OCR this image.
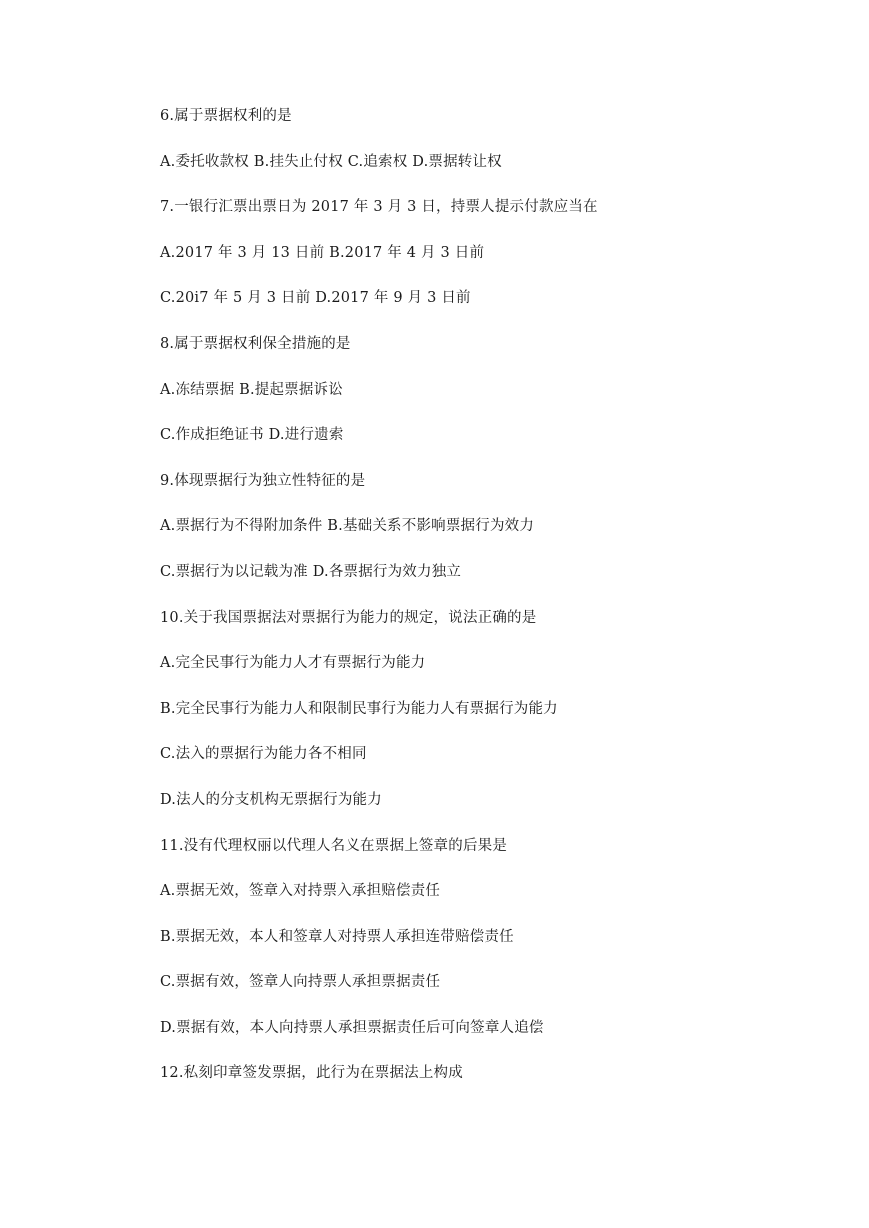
6.属于票据权利的是
A.委托收款权 B.挂失止付权 C.追索权 D.票据转让权
7.一银行汇票出票日为 2017 年 3 月 3 日，持票人提示付款应当在
A.2017 年 3 月 13 日前 B.2017 年 4 月 3 日前
C.20i7 年 5 月 3 日前 D.2017 年 9 月 3 日前
8.属于票据权利保全措施的是
A.冻结票据 B.提起票据诉讼
C.作成拒绝证书 D.进行遗索
9.体现票据行为独立性特征的是
A.票据行为不得附加条件 B.基础关系不影响票据行为效力
C.票据行为以记载为准 D.各票据行为效力独立
10.关于我国票据法对票据行为能力的规定，说法正确的是
A.完全民事行为能力人才有票据行为能力
B.完全民事行为能力人和限制民事行为能力人有票据行为能力
C.法入的票据行为能力各不相同
D.法人的分支机构无票据行为能力
11.没有代理权丽以代理人名义在票据上签章的后果是
A.票据无效，签章入对持票入承担赔偿责任
B.票据无效，本人和签章人对持票人承担连带赔偿责任
C.票据有效，签章人向持票人承担票据责任
D.票据有效，本人向持票人承担票据责任后可向签章人追偿
12.私刻印章签发票据，此行为在票据法上构成
